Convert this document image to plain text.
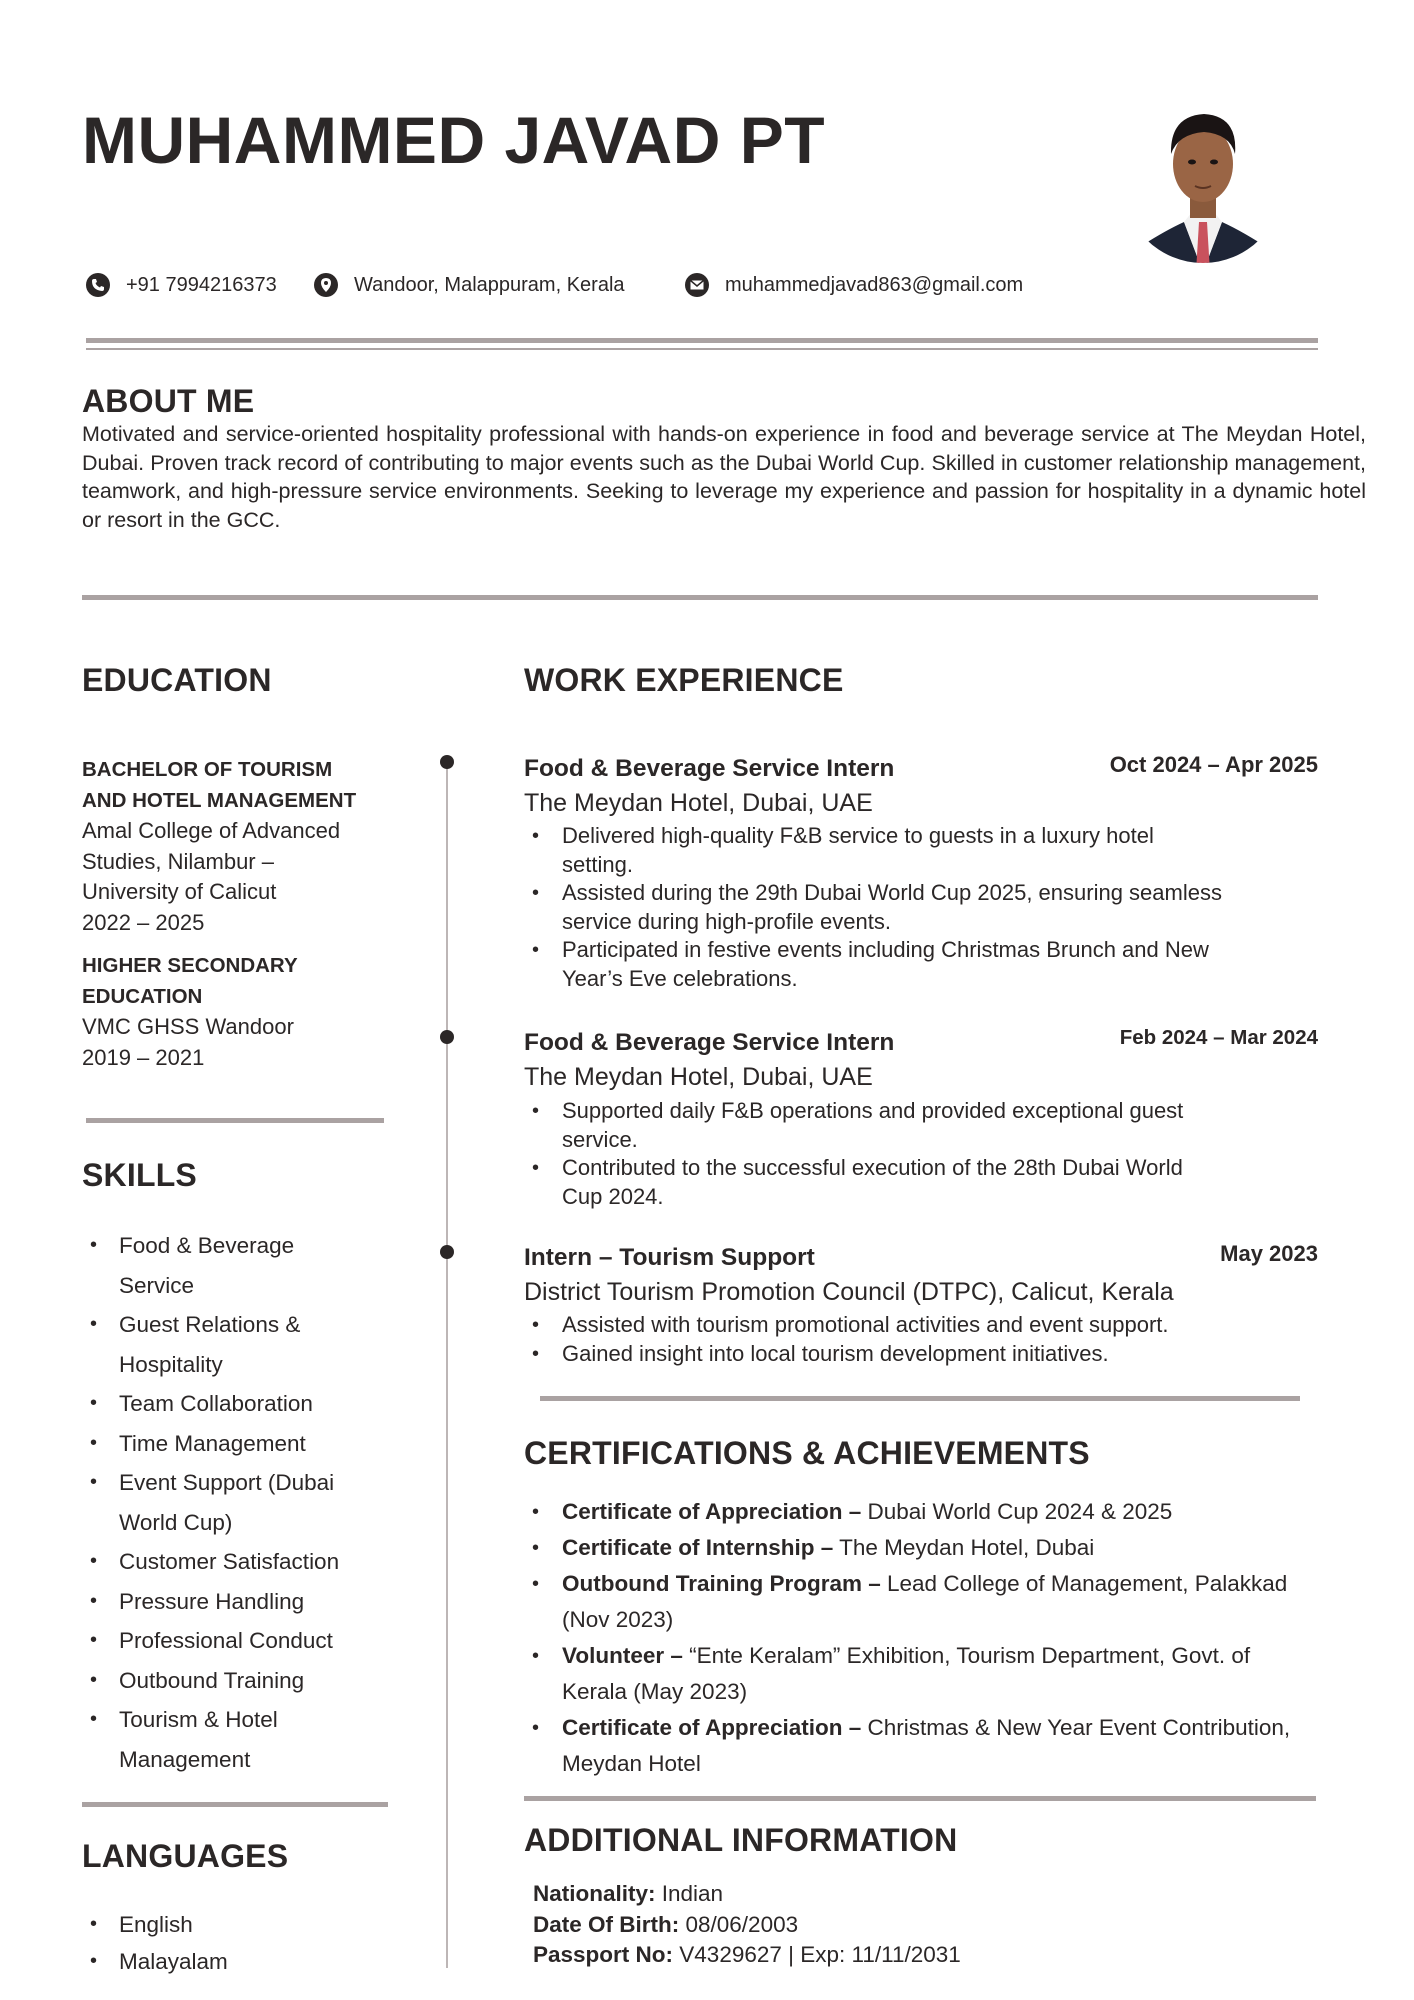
MUHAMMED JAVAD PT
+91 7994216373	Wandoor, Malappuram, Kerala	muhammedjavad863@gmail.com
ABOUT ME

Motivated and service-oriented hospitality professional with hands-on experience in food and beverage service at The Meydan Hotel, Dubai. Proven track record of contributing to major events such as the Dubai World Cup. Skilled in customer relationship management, teamwork, and high-pressure service environments. Seeking to leverage my experience and passion for hospitality in a dynamic hotel or resort in the GCC.

EDUCATION
BACHELOR OF TOURISM
AND HOTEL MANAGEMENT
Amal College of Advanced
Studies, Nilambur –
University of Calicut
2022 – 2025
HIGHER SECONDARY
EDUCATION
VMC GHSS Wandoor
2019 – 2021
SKILLS
• Food & Beverage
Service
• Guest Relations &
Hospitality
• Team Collaboration
• Time Management
• Event Support (Dubai
World Cup)
• Customer Satisfaction
• Pressure Handling
• Professional Conduct
• Outbound Training
• Tourism & Hotel
Management
LANGUAGES
• English
• Malayalam
WORK EXPERIENCE
Food & Beverage Service Intern	Oct 2024 – Apr 2025
The Meydan Hotel, Dubai, UAE
• Delivered high-quality F&B service to guests in a luxury hotel
setting.
• Assisted during the 29th Dubai World Cup 2025, ensuring seamless
service during high-profile events.
• Participated in festive events including Christmas Brunch and New
Year’s Eve celebrations.
Food & Beverage Service Intern	Feb 2024 – Mar 2024
The Meydan Hotel, Dubai, UAE
• Supported daily F&B operations and provided exceptional guest
service.
• Contributed to the successful execution of the 28th Dubai World
Cup 2024.
Intern – Tourism Support	May 2023
District Tourism Promotion Council (DTPC), Calicut, Kerala
• Assisted with tourism promotional activities and event support.
• Gained insight into local tourism development initiatives.
CERTIFICATIONS & ACHIEVEMENTS
• Certificate of Appreciation – Dubai World Cup 2024 & 2025
• Certificate of Internship – The Meydan Hotel, Dubai
• Outbound Training Program – Lead College of Management, Palakkad (Nov 2023)
• Volunteer – “Ente Keralam” Exhibition, Tourism Department, Govt. of Kerala (May 2023)
• Certificate of Appreciation – Christmas & New Year Event Contribution, Meydan Hotel
ADDITIONAL INFORMATION
Nationality: Indian
Date Of Birth: 08/06/2003
Passport No: V4329627 | Exp: 11/11/2031
